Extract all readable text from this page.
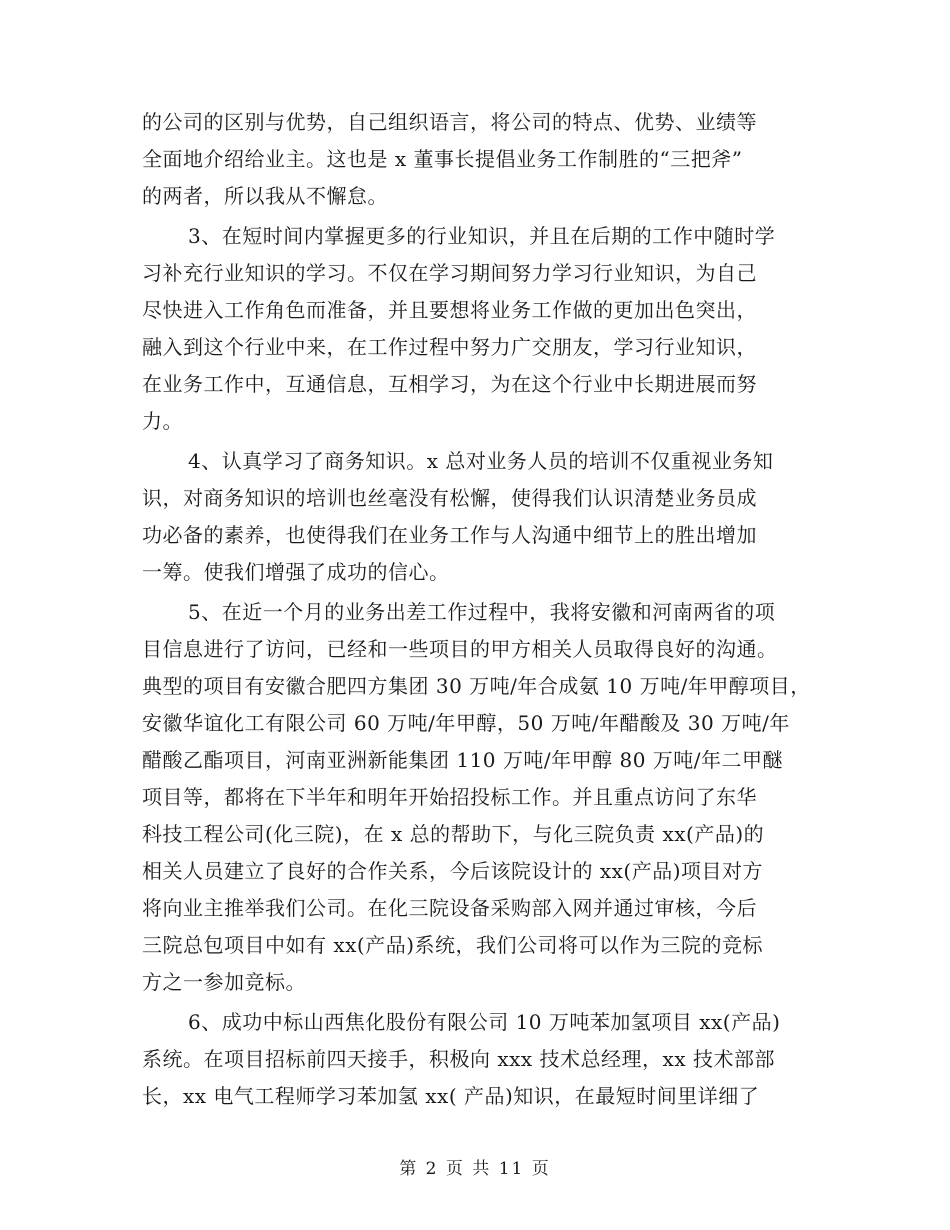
的公司的区别与优势，自己组织语言，将公司的特点、优势、业绩等
全面地介绍给业主。这也是 x 董事长提倡业务工作制胜的“三把斧”
的两者，所以我从不懈怠。
3、在短时间内掌握更多的行业知识，并且在后期的工作中随时学
习补充行业知识的学习。不仅在学习期间努力学习行业知识，为自己
尽快进入工作角色而准备，并且要想将业务工作做的更加出色突出，
融入到这个行业中来，在工作过程中努力广交朋友，学习行业知识，
在业务工作中，互通信息，互相学习，为在这个行业中长期进展而努
力。
4、认真学习了商务知识。x 总对业务人员的培训不仅重视业务知
识，对商务知识的培训也丝毫没有松懈，使得我们认识清楚业务员成
功必备的素养，也使得我们在业务工作与人沟通中细节上的胜出增加
一筹。使我们增强了成功的信心。
5、在近一个月的业务出差工作过程中，我将安徽和河南两省的项
目信息进行了访问，已经和一些项目的甲方相关人员取得良好的沟通。
典型的项目有安徽合肥四方集团 30 万吨/年合成氨 10 万吨/年甲醇项目，
安徽华谊化工有限公司 60 万吨/年甲醇，50 万吨/年醋酸及 30 万吨/年
醋酸乙酯项目，河南亚洲新能集团 110 万吨/年甲醇 80 万吨/年二甲醚
项目等，都将在下半年和明年开始招投标工作。并且重点访问了东华
科技工程公司(化三院)，在 x 总的帮助下，与化三院负责 xx(产品)的
相关人员建立了良好的合作关系，今后该院设计的 xx(产品)项目对方
将向业主推举我们公司。在化三院设备采购部入网并通过审核，今后
三院总包项目中如有 xx(产品)系统，我们公司将可以作为三院的竞标
方之一参加竞标。
6、成功中标山西焦化股份有限公司 10 万吨苯加氢项目 xx(产品)
系统。在项目招标前四天接手，积极向 xxx 技术总经理，xx 技术部部
长，xx 电气工程师学习苯加氢 xx( 产品)知识，在最短时间里详细了
第 2 页 共 11 页
